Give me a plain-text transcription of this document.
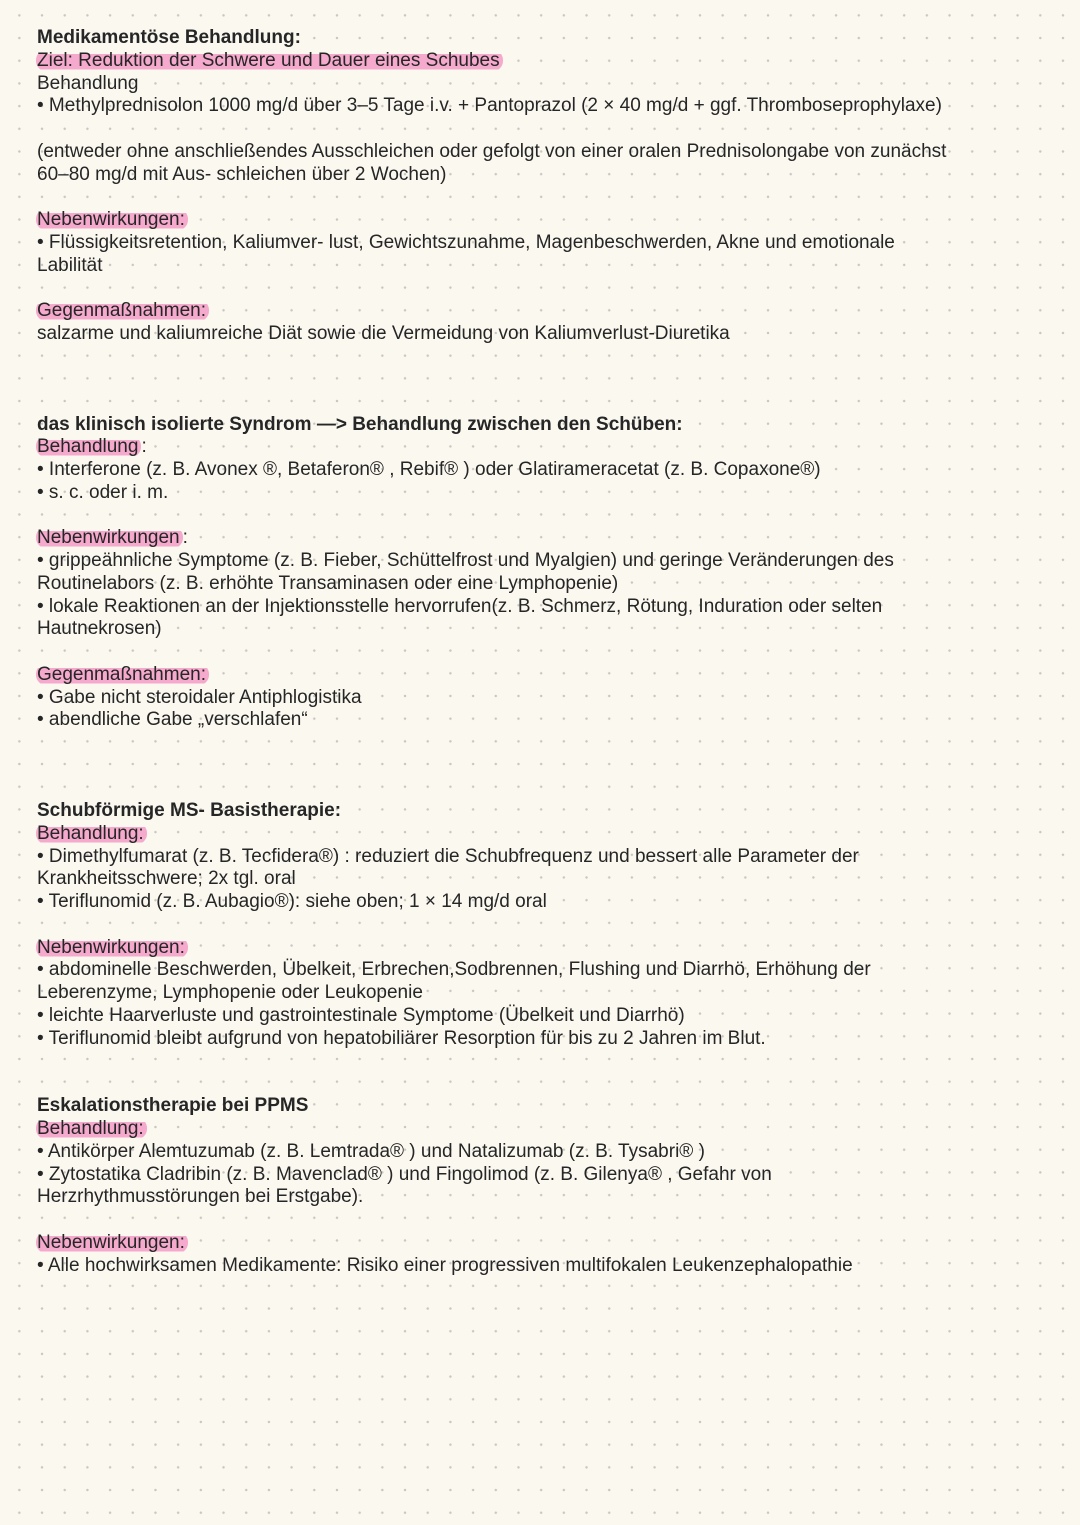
Medikamentöse Behandlung:
Ziel: Reduktion der Schwere und Dauer eines Schubes
Behandlung
• Methylprednisolon 1000 mg/d über 3–5 Tage i.v. + Pantoprazol (2 × 40 mg/d + ggf. Thromboseprophylaxe)
(entweder ohne anschließendes Ausschleichen oder gefolgt von einer oralen Prednisolongabe von zunächst
60–80 mg/d mit Aus- schleichen über 2 Wochen)
Nebenwirkungen:
• Flüssigkeitsretention, Kaliumver- lust, Gewichtszunahme, Magenbeschwerden, Akne und emotionale
Labilität
Gegenmaßnahmen:
salzarme und kaliumreiche Diät sowie die Vermeidung von Kaliumverlust-Diuretika
das klinisch isolierte Syndrom —> Behandlung zwischen den Schüben:
Behandlung :
• Interferone (z. B. Avonex ®, Betaferon® , Rebif® ) oder Glatirameracetat (z. B. Copaxone®)
• s. c. oder i. m.
Nebenwirkungen :
• grippeähnliche Symptome (z. B. Fieber, Schüttelfrost und Myalgien) und geringe Veränderungen des
Routinelabors (z. B. erhöhte Transaminasen oder eine Lymphopenie)
• lokale Reaktionen an der Injektionsstelle hervorrufen(z. B. Schmerz, Rötung, Induration oder selten
Hautnekrosen)
Gegenmaßnahmen:
• Gabe nicht steroidaler Antiphlogistika
• abendliche Gabe „verschlafen“
Schubförmige MS- Basistherapie:
Behandlung:
• Dimethylfumarat (z. B. Tecfidera®) : reduziert die Schubfrequenz und bessert alle Parameter der
Krankheitsschwere; 2x tgl. oral
• Teriflunomid (z. B. Aubagio®): siehe oben; 1 × 14 mg/d oral
Nebenwirkungen:
• abdominelle Beschwerden, Übelkeit, Erbrechen,Sodbrennen, Flushing und Diarrhö, Erhöhung der
Leberenzyme, Lymphopenie oder Leukopenie
• leichte Haarverluste und gastrointestinale Symptome (Übelkeit und Diarrhö)
• Teriflunomid bleibt aufgrund von hepatobiliärer Resorption für bis zu 2 Jahren im Blut.
Eskalationstherapie bei PPMS
Behandlung:
• Antikörper Alemtuzumab (z. B. Lemtrada® ) und Natalizumab (z. B. Tysabri® )
• Zytostatika Cladribin (z. B. Mavenclad® ) und Fingolimod (z. B. Gilenya® , Gefahr von
Herzrhythmusstörungen bei Erstgabe).
Nebenwirkungen:
• Alle hochwirksamen Medikamente: Risiko einer progressiven multifokalen Leukenzephalopathie
